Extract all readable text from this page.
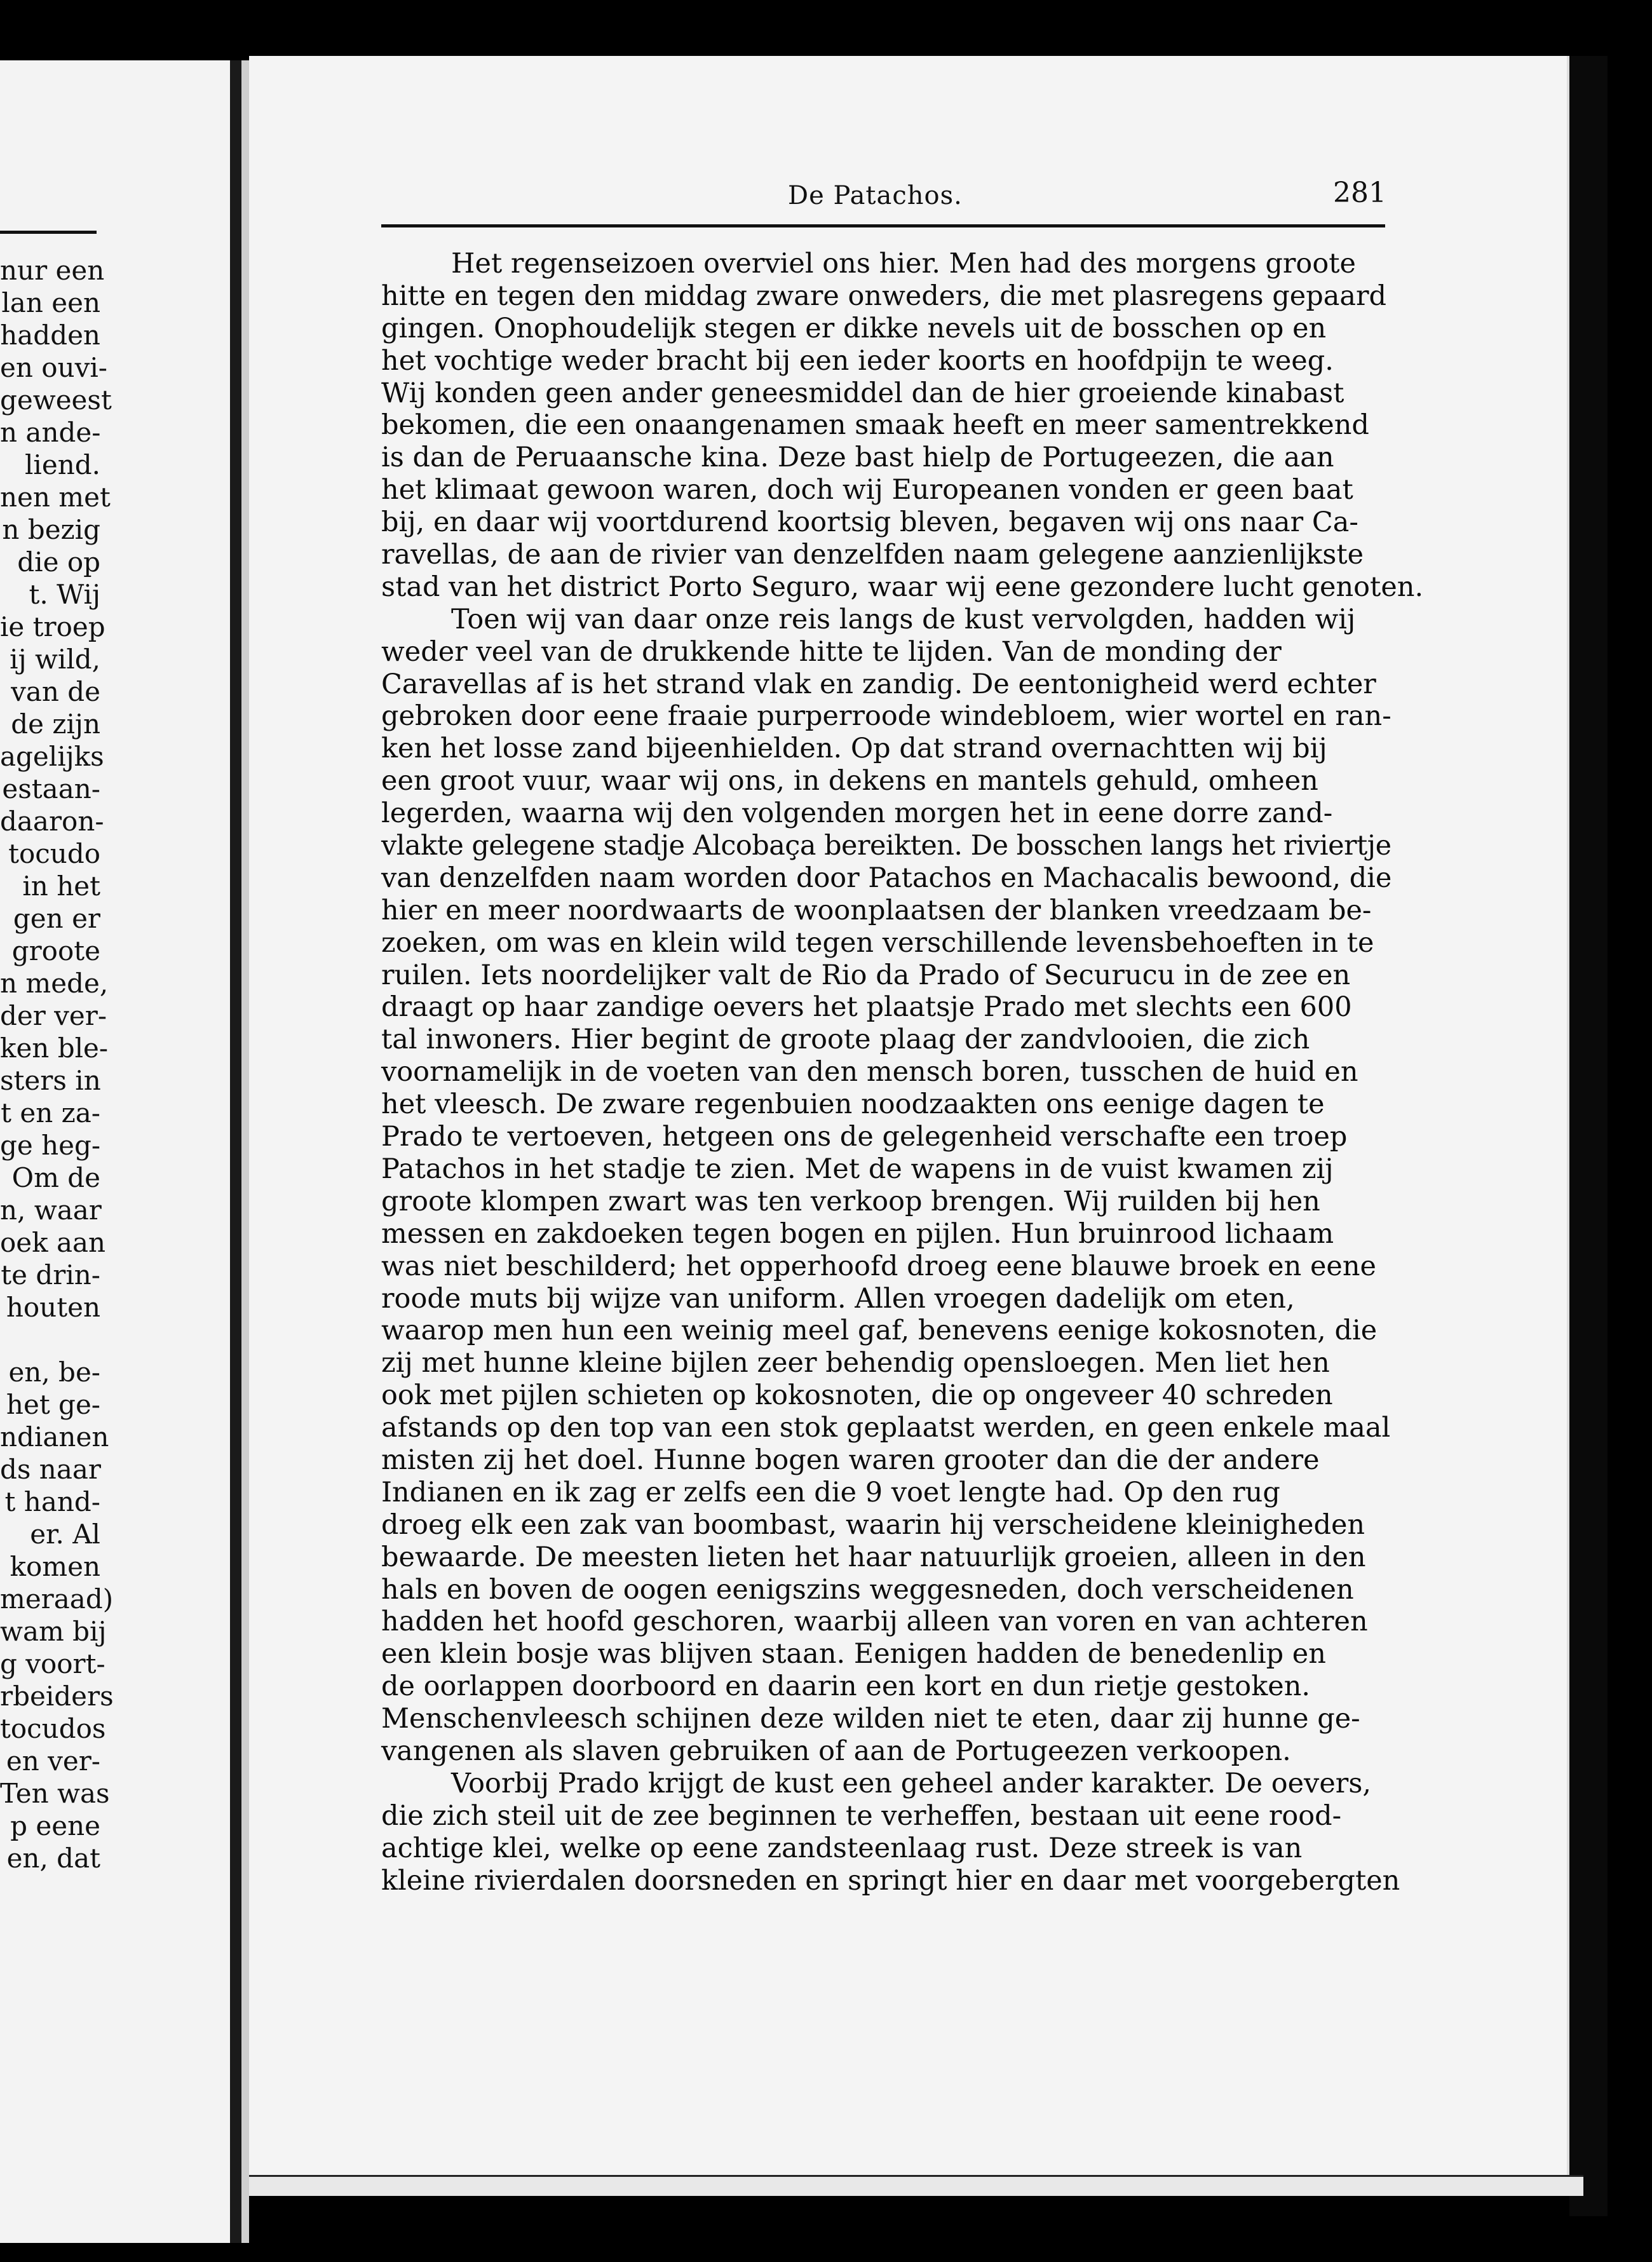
nur een
lan een
hadden
en ouvi-
geweest
n ande-
liend.
nen met
n bezig
die op
t. Wij
ie troep
ij wild,
van de
de zijn
agelijks
estaan-
daaron-
tocudo
in het
gen er
groote
n mede,
der ver-
ken ble-
sters in
t en za-
ge heg-
Om de
n, waar
oek aan
te drin-
houten
en, be-
het ge-
ndianen
ds naar
t hand-
er. Al
komen
meraad)
wam bij
g voort-
rbeiders
tocudos
en ver-
Ten was
p eene
en, dat
De Patachos.	281
Het regenseizoen overviel ons hier. Men had des morgens groote
hitte en tegen den middag zware onweders, die met plasregens gepaard
gingen. Onophoudelijk stegen er dikke nevels uit de bosschen op en
het vochtige weder bracht bij een ieder koorts en hoofdpijn te weeg.
Wij konden geen ander geneesmiddel dan de hier groeiende kinabast
bekomen, die een onaangenamen smaak heeft en meer samentrekkend
is dan de Peruaansche kina. Deze bast hielp de Portugeezen, die aan
het klimaat gewoon waren, doch wij Europeanen vonden er geen baat
bij, en daar wij voortdurend koortsig bleven, begaven wij ons naar Ca-
ravellas, de aan de rivier van denzelfden naam gelegene aanzienlijkste
stad van het district Porto Seguro, waar wij eene gezondere lucht genoten.
Toen wij van daar onze reis langs de kust vervolgden, hadden wij
weder veel van de drukkende hitte te lijden. Van de monding der
Caravellas af is het strand vlak en zandig. De eentonigheid werd echter
gebroken door eene fraaie purperroode windebloem, wier wortel en ran-
ken het losse zand bijeenhielden. Op dat strand overnachtten wij bij
een groot vuur, waar wij ons, in dekens en mantels gehuld, omheen
legerden, waarna wij den volgenden morgen het in eene dorre zand-
vlakte gelegene stadje Alcobaça bereikten. De bosschen langs het riviertje
van denzelfden naam worden door Patachos en Machacalis bewoond, die
hier en meer noordwaarts de woonplaatsen der blanken vreedzaam be-
zoeken, om was en klein wild tegen verschillende levensbehoeften in te
ruilen. Iets noordelijker valt de Rio da Prado of Securucu in de zee en
draagt op haar zandige oevers het plaatsje Prado met slechts een 600
tal inwoners. Hier begint de groote plaag der zandvlooien, die zich
voornamelijk in de voeten van den mensch boren, tusschen de huid en
het vleesch. De zware regenbuien noodzaakten ons eenige dagen te
Prado te vertoeven, hetgeen ons de gelegenheid verschafte een troep
Patachos in het stadje te zien. Met de wapens in de vuist kwamen zij
groote klompen zwart was ten verkoop brengen. Wij ruilden bij hen
messen en zakdoeken tegen bogen en pijlen. Hun bruinrood lichaam
was niet beschilderd; het opperhoofd droeg eene blauwe broek en eene
roode muts bij wijze van uniform. Allen vroegen dadelijk om eten,
waarop men hun een weinig meel gaf, benevens eenige kokosnoten, die
zij met hunne kleine bijlen zeer behendig opensloegen. Men liet hen
ook met pijlen schieten op kokosnoten, die op ongeveer 40 schreden
afstands op den top van een stok geplaatst werden, en geen enkele maal
misten zij het doel. Hunne bogen waren grooter dan die der andere
Indianen en ik zag er zelfs een die 9 voet lengte had. Op den rug
droeg elk een zak van boombast, waarin hij verscheidene kleinigheden
bewaarde. De meesten lieten het haar natuurlijk groeien, alleen in den
hals en boven de oogen eenigszins weggesneden, doch verscheidenen
hadden het hoofd geschoren, waarbij alleen van voren en van achteren
een klein bosje was blijven staan. Eenigen hadden de benedenlip en
de oorlappen doorboord en daarin een kort en dun rietje gestoken.
Menschenvleesch schijnen deze wilden niet te eten, daar zij hunne ge-
vangenen als slaven gebruiken of aan de Portugeezen verkoopen.
Voorbij Prado krijgt de kust een geheel ander karakter. De oevers,
die zich steil uit de zee beginnen te verheffen, bestaan uit eene rood-
achtige klei, welke op eene zandsteenlaag rust. Deze streek is van
kleine rivierdalen doorsneden en springt hier en daar met voorgebergten
